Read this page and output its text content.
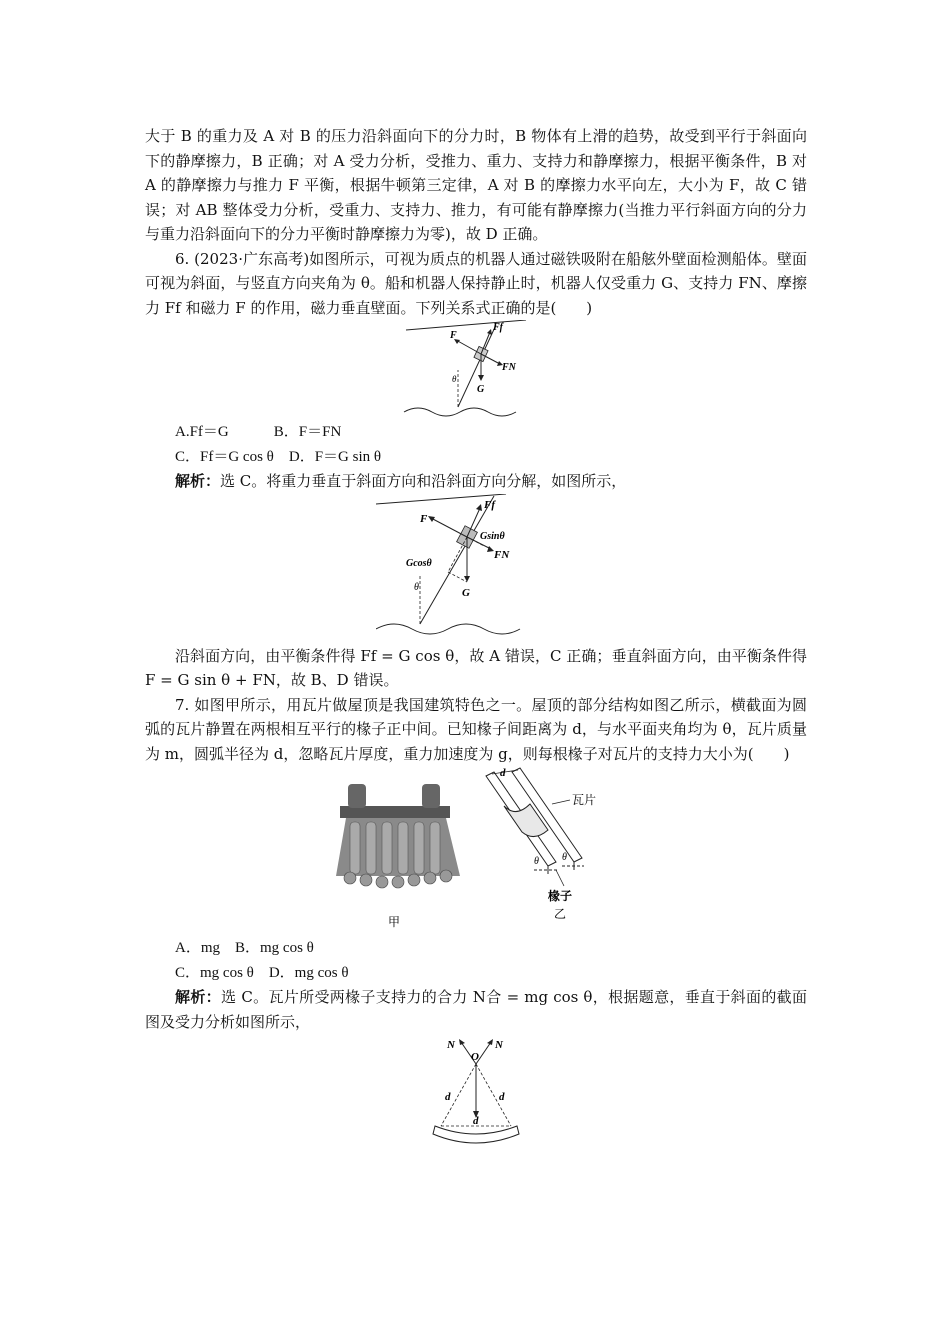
大于 B 的重力及 A 对 B 的压力沿斜面向下的分力时，B 物体有上滑的趋势，故受到平行于斜面向下的静摩擦力，B 正确；对 A 受力分析，受推力、重力、支持力和静摩擦力，根据平衡条件，B 对 A 的静摩擦力与推力 F 平衡，根据牛顿第三定律，A 对 B 的摩擦力水平向左，大小为 F，故 C 错误；对 AB 整体受力分析，受重力、支持力、推力，有可能有静摩擦力(当推力平行斜面方向的分力与重力沿斜面向下的分力平衡时静摩擦力为零)，故 D 正确。

6. (2023·广东高考)如图所示，可视为质点的机器人通过磁铁吸附在船舷外壁面检测船体。壁面可视为斜面，与竖直方向夹角为 θ。船和机器人保持静止时，机器人仅受重力 G、支持力 FN、摩擦力 Ff 和磁力 F 的作用，磁力垂直壁面。下列关系式正确的是(　　)

F
Ff
FN
G
θ

A.Ff＝G　　　B．F＝FN

C．Ff＝G cos θ　D．F＝G sin θ

解析：选 C。将重力垂直于斜面方向和沿斜面方向分解，如图所示，

F
Ff
Gsinθ
FN
G
Gcosθ
θ

沿斜面方向，由平衡条件得 Ff = G cos θ，故 A 错误，C 正确；垂直斜面方向，由平衡条件得 F = G sin θ + FN，故 B、D 错误。

7. 如图甲所示，用瓦片做屋顶是我国建筑特色之一。屋顶的部分结构如图乙所示，横截面为圆弧的瓦片静置在两根相互平行的椽子正中间。已知椽子间距离为 d，与水平面夹角均为 θ，瓦片质量为 m，圆弧半径为 d，忽略瓦片厚度，重力加速度为 g，则每根椽子对瓦片的支持力大小为(　　)

甲
d
瓦片
θ θ
椽子
乙

A．mg　B．mg cos θ

C．mg cos θ　D．mg cos θ

解析：选 C。瓦片所受两椽子支持力的合力 N合 = mg cos θ，根据题意，垂直于斜面的截面图及受力分析如图所示，

N	N
O
d	d
d
